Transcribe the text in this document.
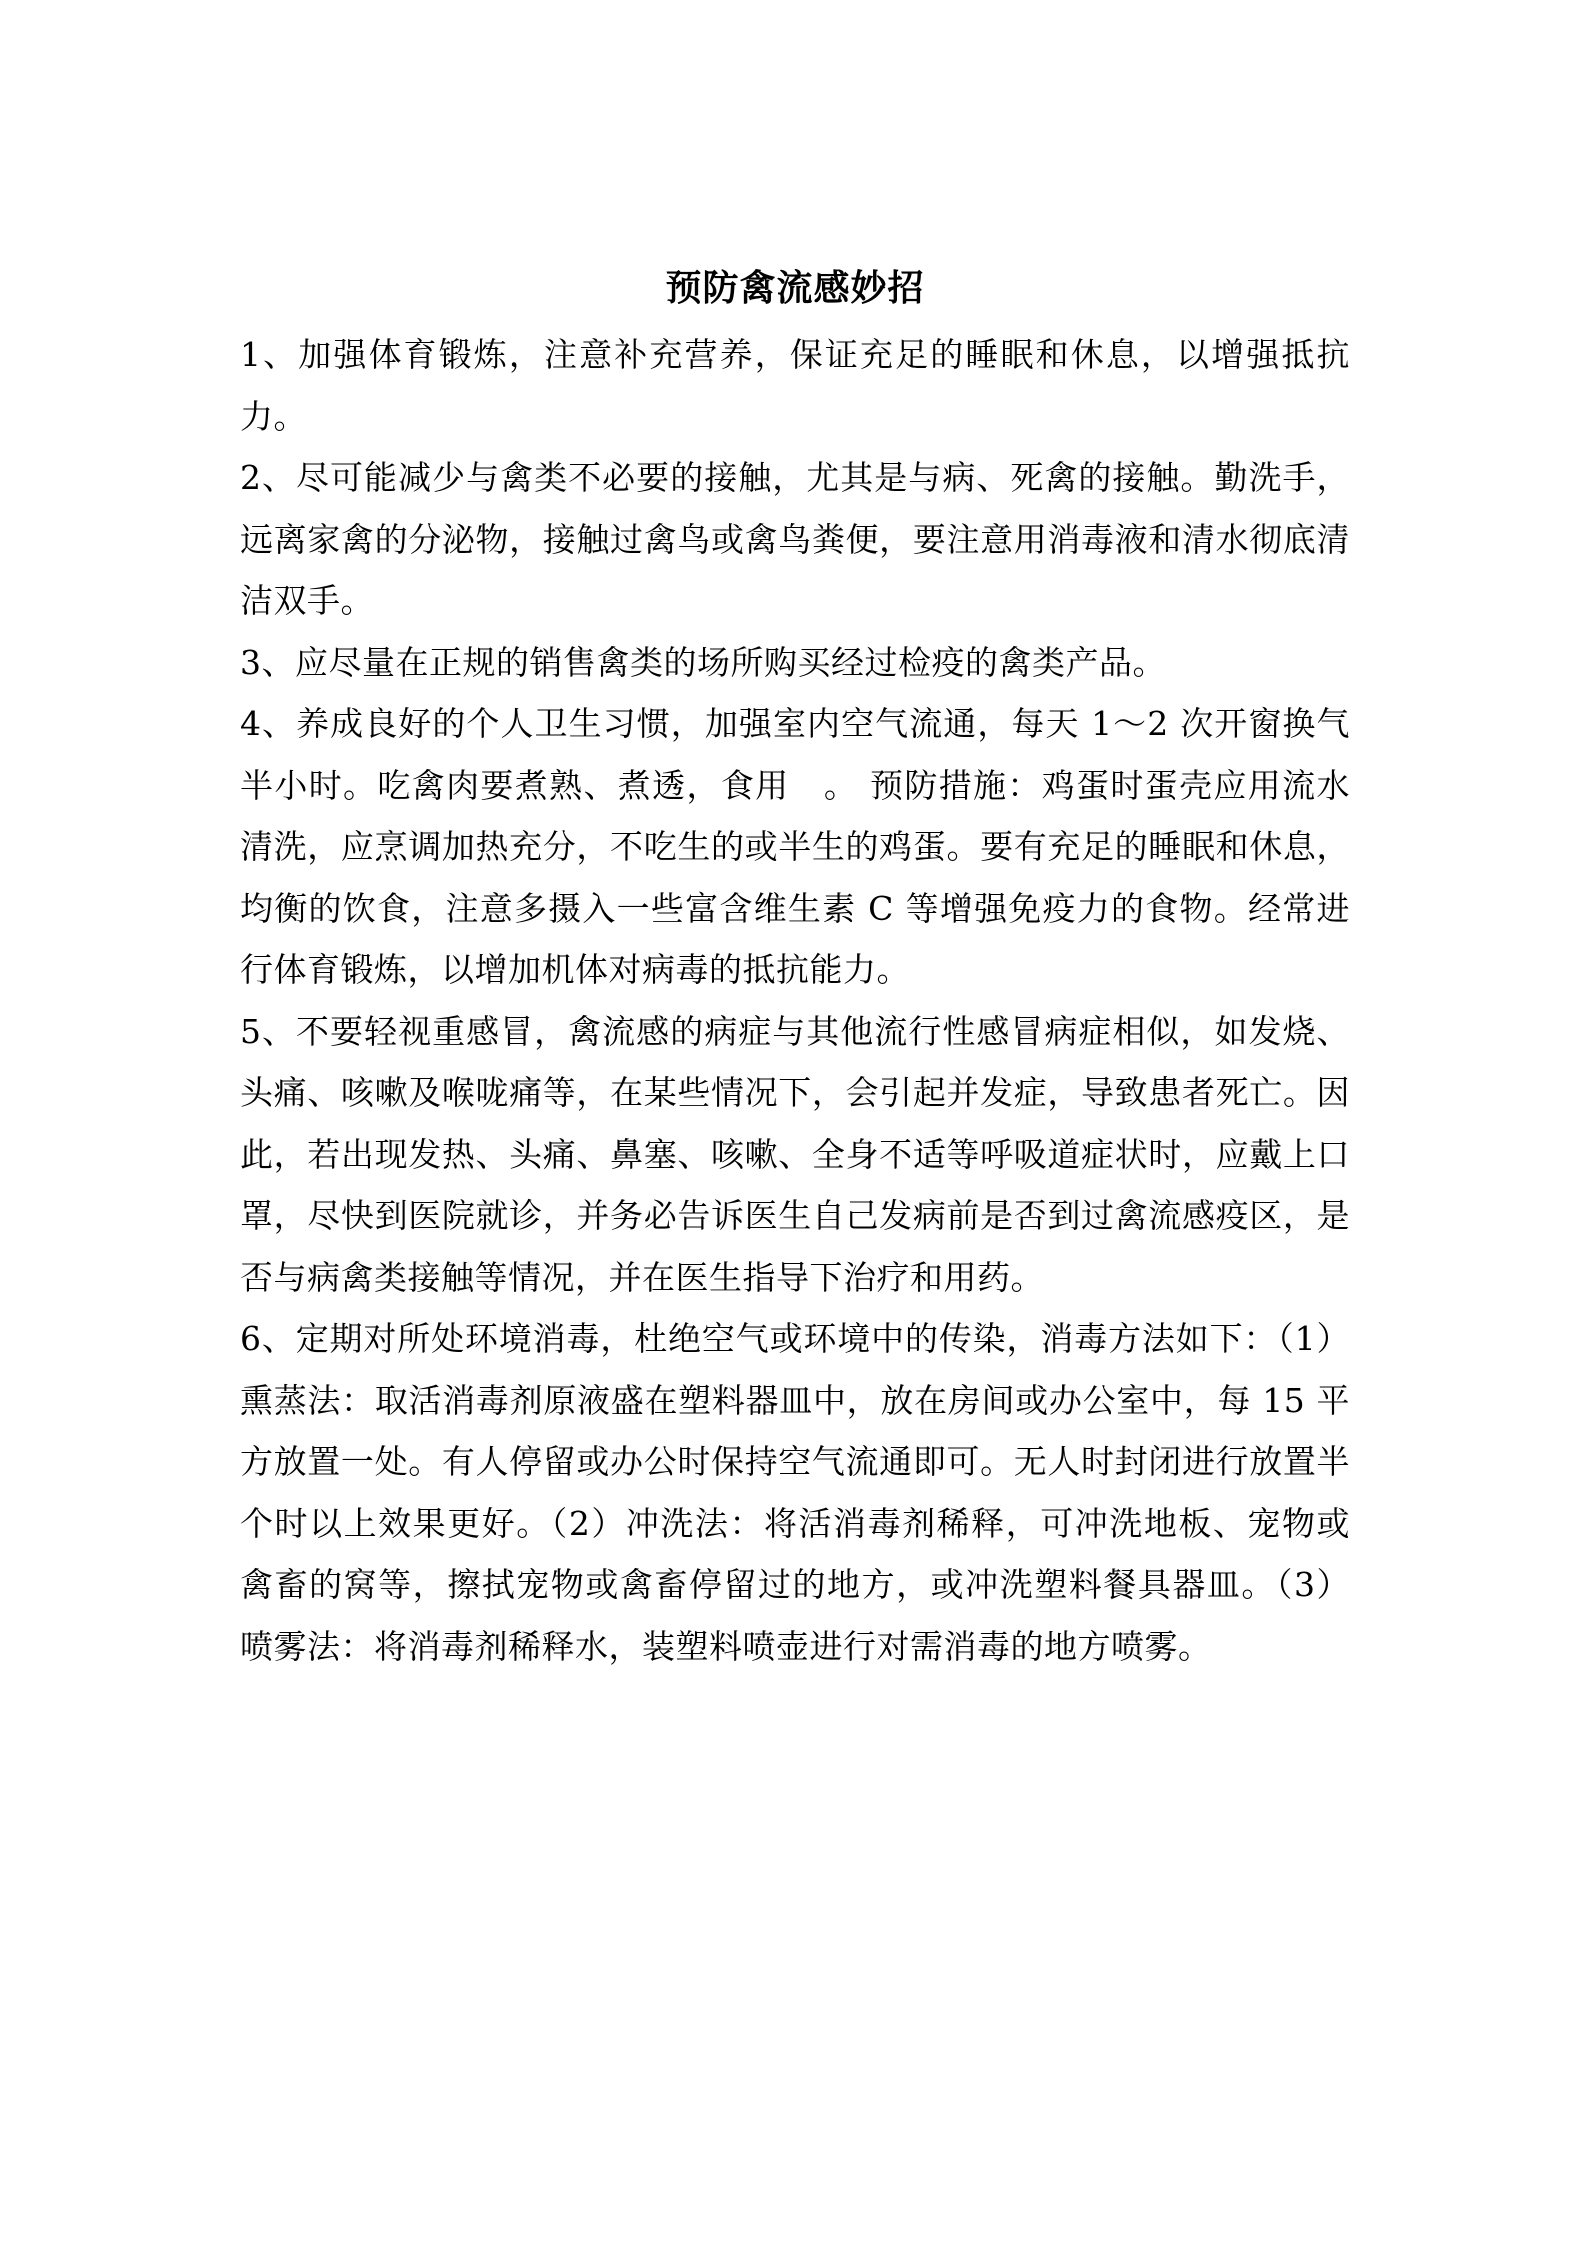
预防禽流感妙招

1、加强体育锻炼，注意补充营养，保证充足的睡眠和休息，以增强抵抗力。

2、尽可能减少与禽类不必要的接触，尤其是与病、死禽的接触。勤洗手，远离家禽的分泌物，接触过禽鸟或禽鸟粪便，要注意用消毒液和清水彻底清洁双手。

3、应尽量在正规的销售禽类的场所购买经过检疫的禽类产品。

4、养成良好的个人卫生习惯，加强室内空气流通，每天 1～2 次开窗换气半小时。吃禽肉要煮熟、煮透，食用　。 预防措施：鸡蛋时蛋壳应用流水清洗，应烹调加热充分，不吃生的或半生的鸡蛋。要有充足的睡眠和休息，均衡的饮食，注意多摄入一些富含维生素 C 等增强免疫力的食物。经常进行体育锻炼，以增加机体对病毒的抵抗能力。

5、不要轻视重感冒，禽流感的病症与其他流行性感冒病症相似，如发烧、头痛、咳嗽及喉咙痛等，在某些情况下，会引起并发症，导致患者死亡。因此，若出现发热、头痛、鼻塞、咳嗽、全身不适等呼吸道症状时，应戴上口罩，尽快到医院就诊，并务必告诉医生自己发病前是否到过禽流感疫区，是否与病禽类接触等情况，并在医生指导下治疗和用药。

6、定期对所处环境消毒，杜绝空气或环境中的传染，消毒方法如下：（1）熏蒸法：取活消毒剂原液盛在塑料器皿中，放在房间或办公室中，每 15 平方放置一处。有人停留或办公时保持空气流通即可。无人时封闭进行放置半个时以上效果更好。（2）冲洗法：将活消毒剂稀释，可冲洗地板、宠物或禽畜的窝等，擦拭宠物或禽畜停留过的地方，或冲洗塑料餐具器皿。（3）喷雾法：将消毒剂稀释水，装塑料喷壶进行对需消毒的地方喷雾。
